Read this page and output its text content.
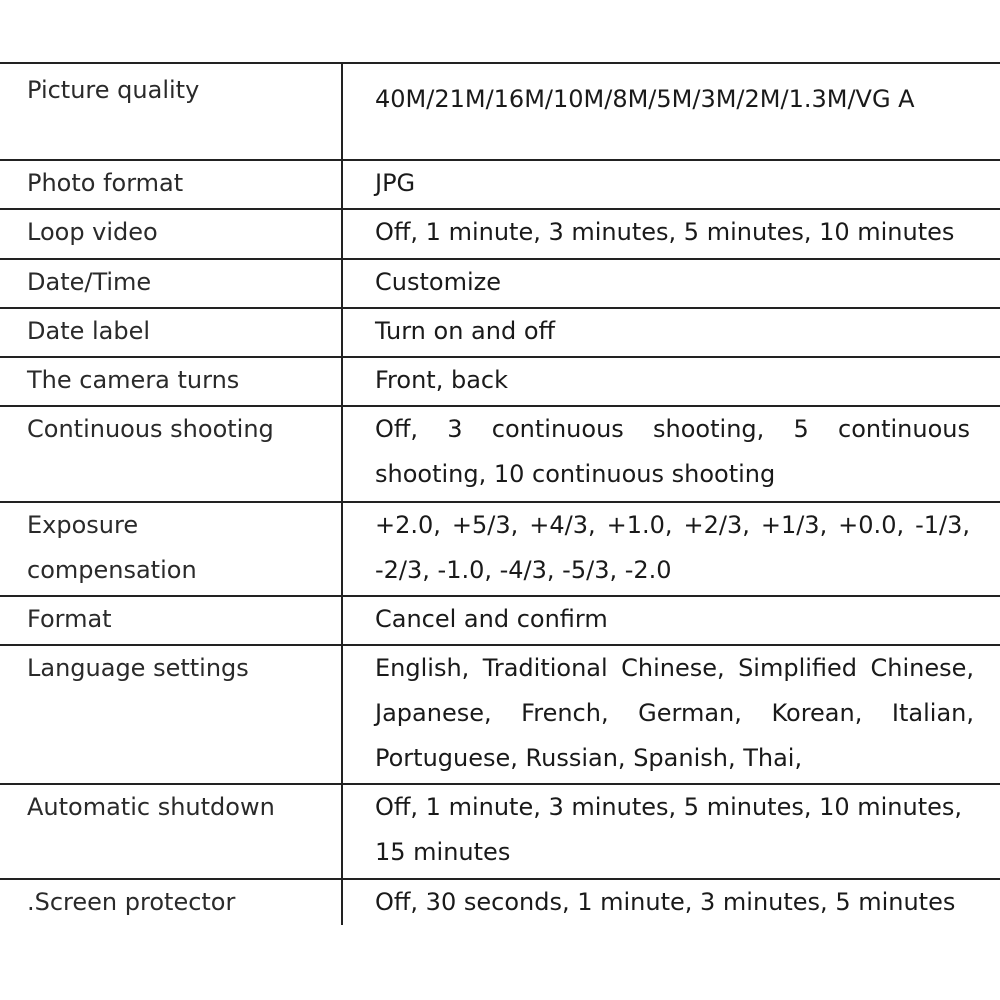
Picture quality	40M/21M/16M/10M/8M/5M/3M/2M/1.3M/VG A
Photo format	JPG
Loop video	Off, 1 minute, 3 minutes, 5 minutes, 10 minutes
Date/Time	Customize
Date label	Turn on and off
The camera turns	Front, back
Continuous shooting	Off, 3 continuous shooting, 5 continuous shooting, 10 continuous shooting
Exposure compensation	+2.0, +5/3, +4/3, +1.0, +2/3, +1/3, +0.0, -1/3, -2/3, -1.0, -4/3, -5/3, -2.0
Format	Cancel and confirm
Language settings	English, Traditional Chinese, Simplified Chinese, Japanese, French, German, Korean, Italian, Portuguese, Russian, Spanish, Thai,
Automatic shutdown	Off, 1 minute, 3 minutes, 5 minutes, 10 minutes, 15 minutes
.Screen protector	Off, 30 seconds, 1 minute, 3 minutes, 5 minutes
